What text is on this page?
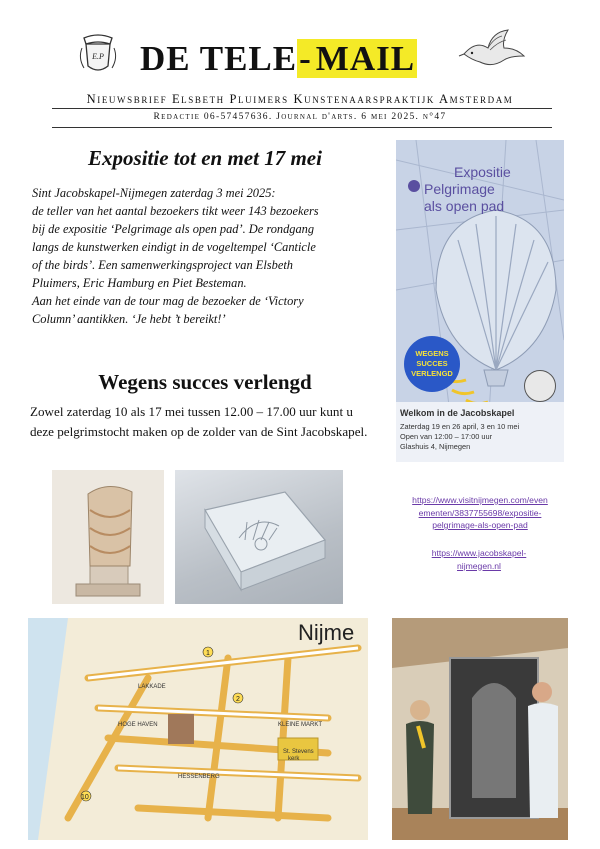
E.P DE TELE- MAIL
Nieuwsbrief Elsbeth Pluimers Kunstenaarspraktijk Amsterdam
Redactie 06-57457636. Journal d'arts. 6 mei 2025. n°47
Expositie tot en met 17 mei
Sint Jacobskapel-Nijmegen zaterdag 3 mei 2025:
de teller van het aantal bezoekers tikt weer 143 bezoekers
bij de expositie ‘Pelgrimage als open pad’. De rondgang
langs de kunstwerken eindigt in de vogeltempel ‘Canticle
of the birds’. Een samenwerkingsproject van Elsbeth
Pluimers, Eric Hamburg en Piet Besteman.
Aan het einde van de tour mag de bezoeker de ‘Victory
Column’ aantikken. ‘Je hebt ’t bereikt!’
Wegens succes verlengd
Zowel zaterdag 10 als 17 mei tussen 12.00 – 17.00 uur kunt u deze pelgrimstocht maken op de zolder van de Sint Jacobskapel.
Expositie
Pelgrimage
als open pad
WEGENS
SUCCES
VERLENGD
Welkom in de Jacobskapel
Zaterdag 19 en 26 april, 3 en 10 mei
Open van 12:00 – 17:00 uur
Glashuis 4, Nijmegen
https://www.visitnijmegen.com/even
ementen/3837755698/expositie-
pelgrimage-als-open-pad
https://www.jacobskapel-
nijmegen.nl
LAKKADE
HOGE HAVEN	KLEINE MARKT
St. Stevens
kerk
HESSENBERG
1
2
10
Nijme
